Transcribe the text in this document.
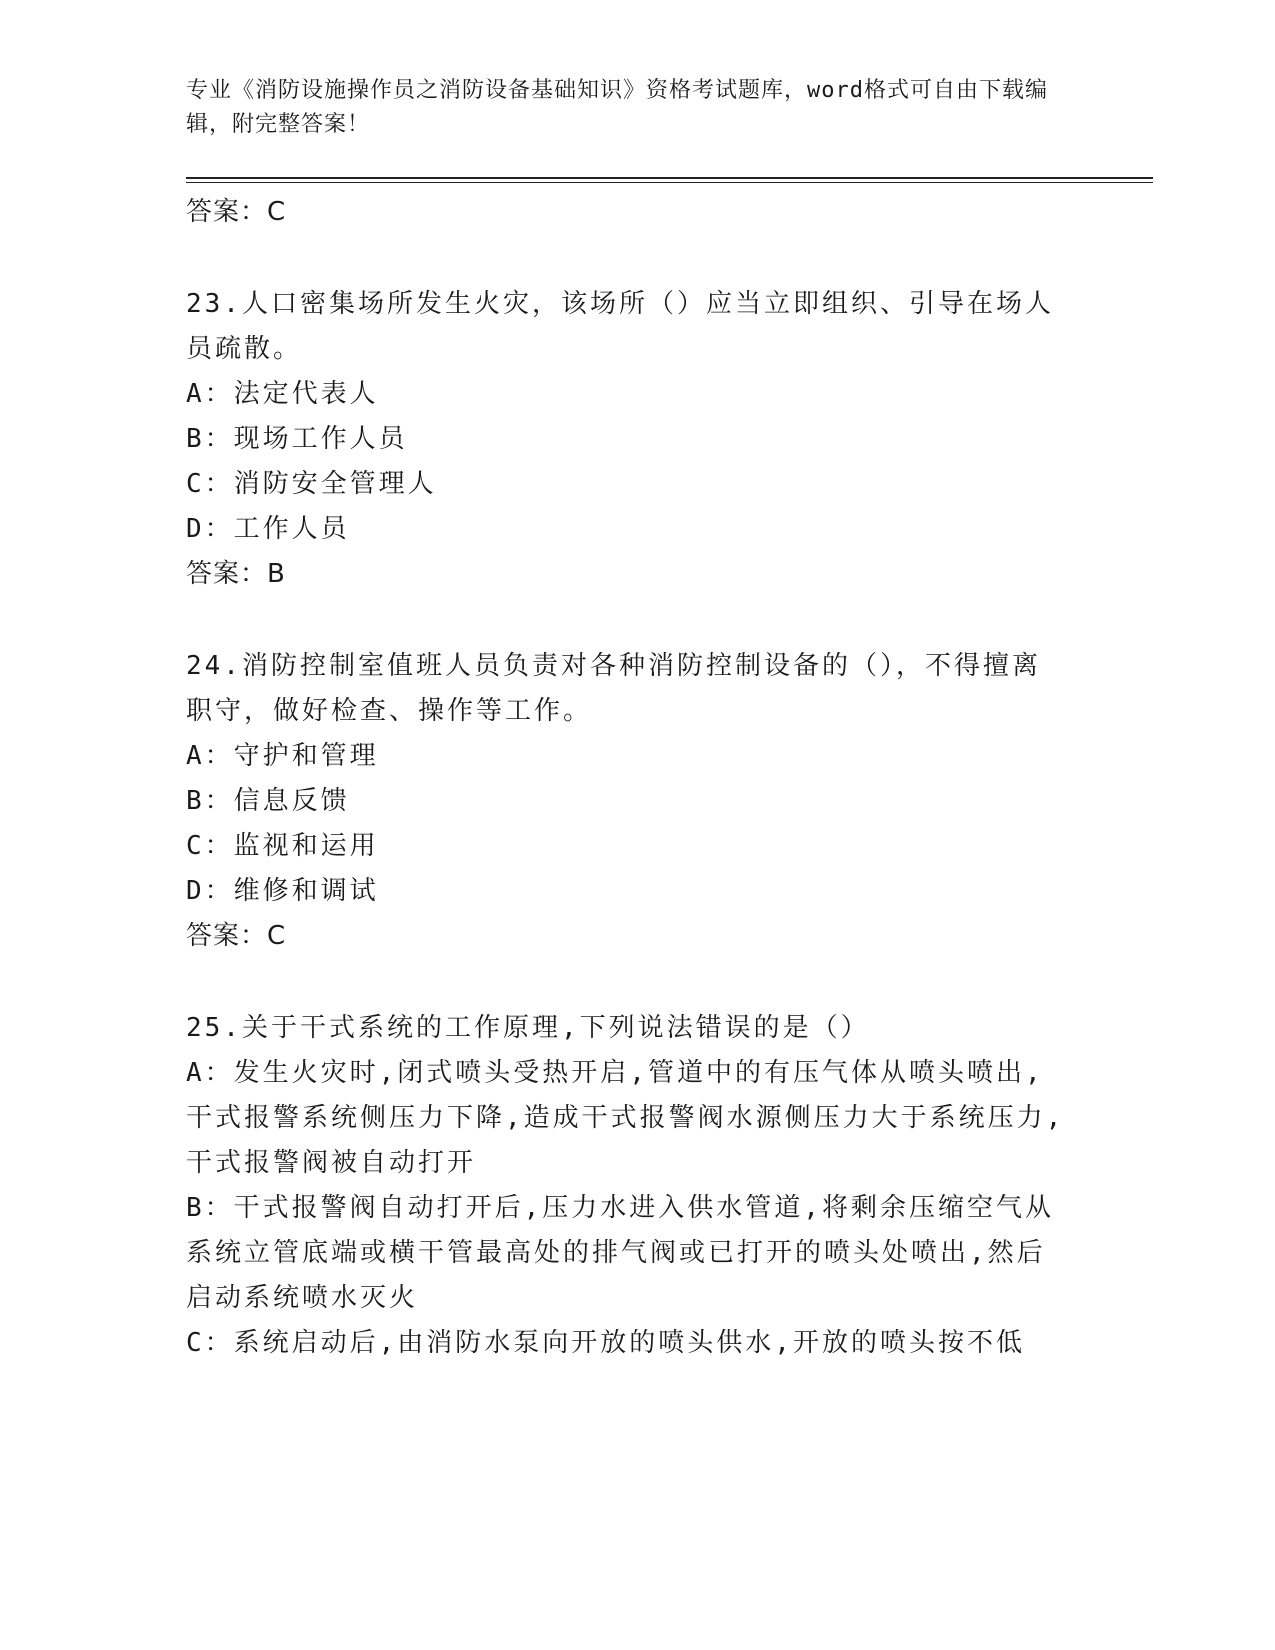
专业《消防设施操作员之消防设备基础知识》资格考试题库，word格式可自由下载编辑，附完整答案！
答案：C
23.人口密集场所发生火灾，该场所（）应当立即组织、引导在场人员疏散。
A：法定代表人
B：现场工作人员
C：消防安全管理人
D：工作人员
答案：B
24.消防控制室值班人员负责对各种消防控制设备的（），不得擅离职守，做好检查、操作等工作。
A：守护和管理
B：信息反馈
C：监视和运用
D：维修和调试
答案：C
25.关于干式系统的工作原理,下列说法错误的是（）
A：发生火灾时,闭式喷头受热开启,管道中的有压气体从喷头喷出,干式报警系统侧压力下降,造成干式报警阀水源侧压力大于系统压力,干式报警阀被自动打开
B：干式报警阀自动打开后,压力水进入供水管道,将剩余压缩空气从系统立管底端或横干管最高处的排气阀或已打开的喷头处喷出,然后启动系统喷水灭火
C：系统启动后,由消防水泵向开放的喷头供水,开放的喷头按不低
